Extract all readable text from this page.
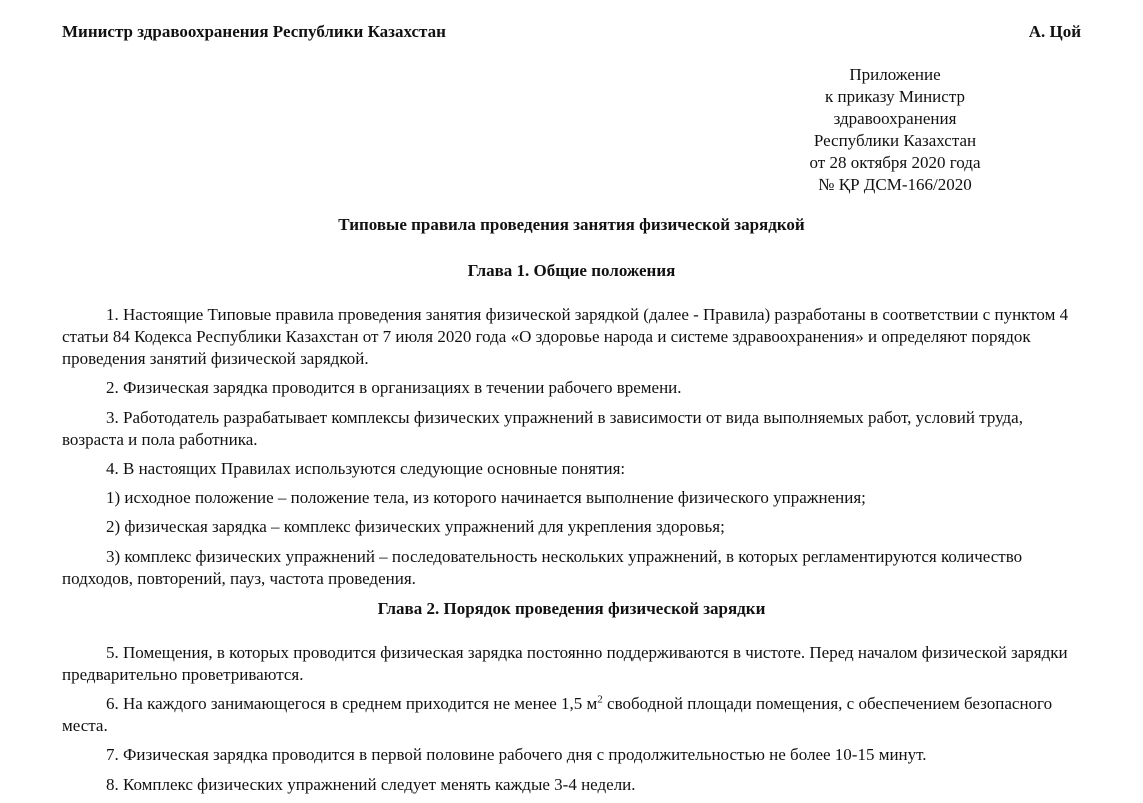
Министр здравоохранения Республики Казахстан	А. Цой
Приложение
к приказу Министр
здравоохранения
Республики Казахстан
от 28 октября 2020 года
№ ҚР ДСМ-166/2020
Типовые правила проведения занятия физической зарядкой
Глава 1. Общие положения

1. Настоящие Типовые правила проведения занятия физической зарядкой (далее - Правила) разработаны в соответствии с пунктом 4 статьи 84 Кодекса Республики Казахстан от 7 июля 2020 года «О здоровье народа и системе здравоохранения» и определяют порядок проведения занятий физической зарядкой.

2. Физическая зарядка проводится в организациях в течении рабочего времени.

3. Работодатель разрабатывает комплексы физических упражнений в зависимости от вида выполняемых работ, условий труда, возраста и пола работника.

4. В настоящих Правилах используются следующие основные понятия:

1) исходное положение – положение тела, из которого начинается выполнение физического упражнения;

2) физическая зарядка – комплекс физических упражнений для укрепления здоровья;

3) комплекс физических упражнений – последовательность нескольких упражнений, в которых регламентируются количество подходов, повторений, пауз, частота проведения.

Глава 2. Порядок проведения физической зарядки

5. Помещения, в которых проводится физическая зарядка постоянно поддерживаются в чистоте. Перед началом физической зарядки предварительно проветриваются.

6. На каждого занимающегося в среднем приходится не менее 1,5 $м^2$ свободной площади помещения, с обеспечением безопасного места.

7. Физическая зарядка проводится в первой половине рабочего дня с продолжительностью не более 10-15 минут.

8. Комплекс физических упражнений следует менять каждые 3-4 недели.
